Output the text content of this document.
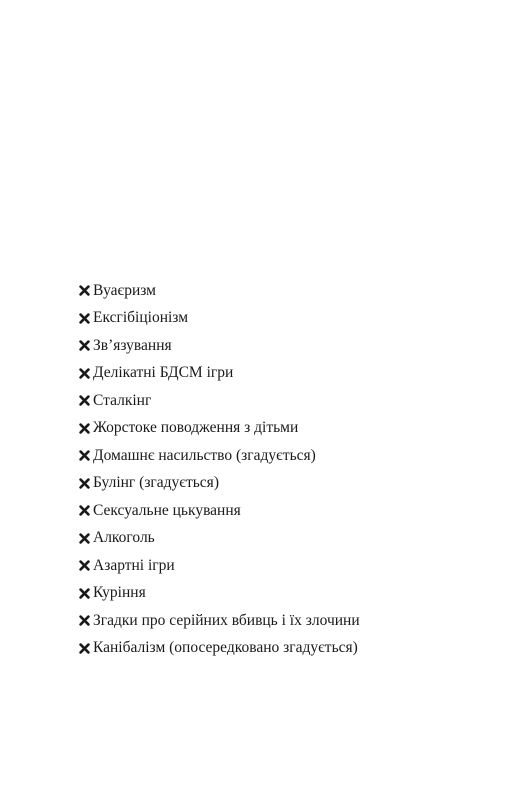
Вуаєризм
Ексгібіціонізм
Зв’язування
Делікатні БДСМ ігри
Сталкінг
Жорстоке поводження з дітьми
Домашнє насильство (згадується)
Булінг (згадується)
Сексуальне цькування
Алкоголь
Азартні ігри
Куріння
Згадки про серійних вбивць і їх злочини
Канібалізм (опосередковано згадується)
